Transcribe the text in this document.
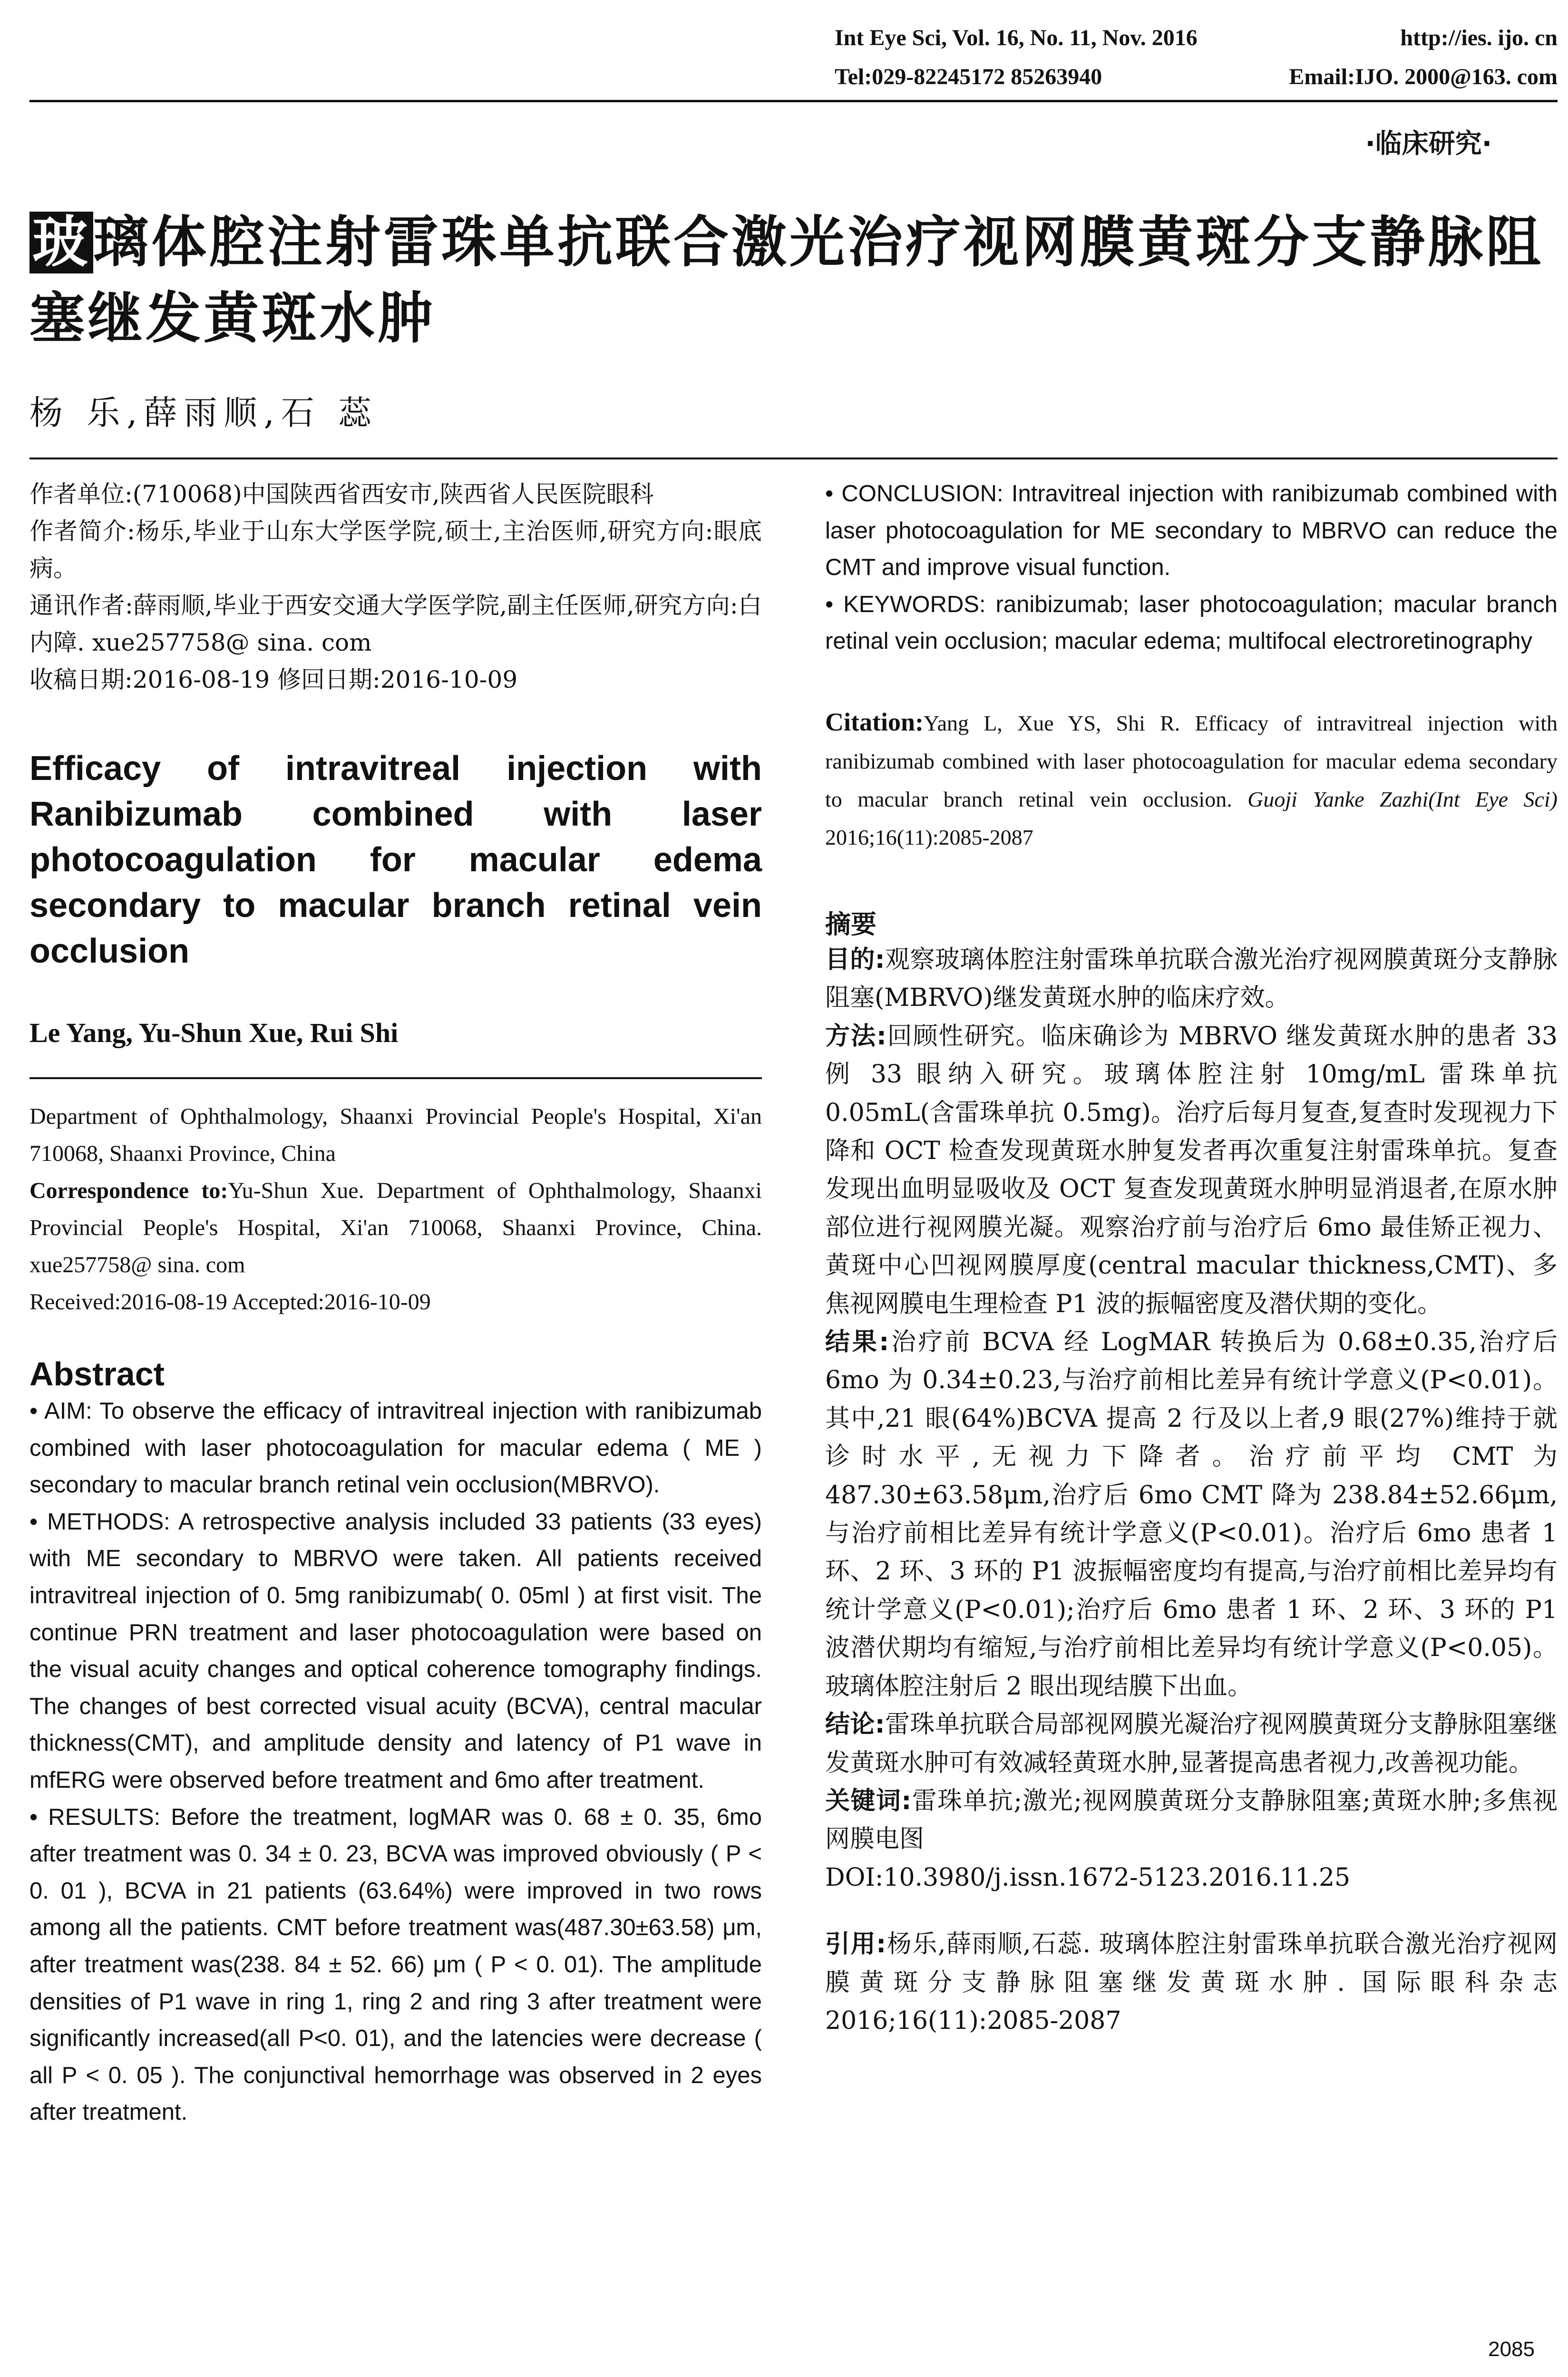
Int Eye Sci, Vol. 16, No. 11, Nov. 2016	http://ies. ijo. cn
Tel:029-82245172 85263940	Email:IJO. 2000@163. com
·临床研究·
玻璃体腔注射雷珠单抗联合激光治疗视网膜黄斑分支静脉阻塞继发黄斑水肿
杨 乐,薛雨顺,石 蕊

作者单位:(710068)中国陕西省西安市,陕西省人民医院眼科

作者简介:杨乐,毕业于山东大学医学院,硕士,主治医师,研究方向:眼底病。

通讯作者:薛雨顺,毕业于西安交通大学医学院,副主任医师,研究方向:白内障. xue257758@ sina. com

收稿日期:2016-08-19 修回日期:2016-10-09

Efficacy of intravitreal injection with Ranibizumab combined with laser photocoagulation for macular edema secondary to macular branch retinal vein occlusion

Le Yang, Yu-Shun Xue, Rui Shi

Department of Ophthalmology, Shaanxi Provincial People's Hospital, Xi'an 710068, Shaanxi Province, China

Correspondence to:Yu-Shun Xue. Department of Ophthalmology, Shaanxi Provincial People's Hospital, Xi'an 710068, Shaanxi Province, China. xue257758@ sina. com

Received:2016-08-19 Accepted:2016-10-09

Abstract

• AIM: To observe the efficacy of intravitreal injection with ranibizumab combined with laser photocoagulation for macular edema ( ME ) secondary to macular branch retinal vein occlusion(MBRVO).

• METHODS: A retrospective analysis included 33 patients (33 eyes) with ME secondary to MBRVO were taken. All patients received intravitreal injection of 0. 5mg ranibizumab( 0. 05ml ) at first visit. The continue PRN treatment and laser photocoagulation were based on the visual acuity changes and optical coherence tomography findings. The changes of best corrected visual acuity (BCVA), central macular thickness(CMT), and amplitude density and latency of P1 wave in mfERG were observed before treatment and 6mo after treatment.

• RESULTS: Before the treatment, logMAR was 0. 68 ± 0. 35, 6mo after treatment was 0. 34 ± 0. 23, BCVA was improved obviously ( P < 0. 01 ), BCVA in 21 patients (63.64%) were improved in two rows among all the patients. CMT before treatment was(487.30±63.58) μm, after treatment was(238. 84 ± 52. 66) μm ( P < 0. 01). The amplitude densities of P1 wave in ring 1, ring 2 and ring 3 after treatment were significantly increased(all P<0. 01), and the latencies were decrease ( all P < 0. 05 ). The conjunctival hemorrhage was observed in 2 eyes after treatment.

• CONCLUSION: Intravitreal injection with ranibizumab combined with laser photocoagulation for ME secondary to MBRVO can reduce the CMT and improve visual function.

• KEYWORDS: ranibizumab; laser photocoagulation; macular branch retinal vein occlusion; macular edema; multifocal electroretinography

Citation:Yang L, Xue YS, Shi R. Efficacy of intravitreal injection with ranibizumab combined with laser photocoagulation for macular edema secondary to macular branch retinal vein occlusion. Guoji Yanke Zazhi(Int Eye Sci) 2016;16(11):2085-2087

摘要

目的:观察玻璃体腔注射雷珠单抗联合激光治疗视网膜黄斑分支静脉阻塞(MBRVO)继发黄斑水肿的临床疗效。

方法:回顾性研究。临床确诊为 MBRVO 继发黄斑水肿的患者 33 例 33 眼纳入研究。玻璃体腔注射 10mg/mL 雷珠单抗 0.05mL(含雷珠单抗 0.5mg)。治疗后每月复查,复查时发现视力下降和 OCT 检查发现黄斑水肿复发者再次重复注射雷珠单抗。复查发现出血明显吸收及 OCT 复查发现黄斑水肿明显消退者,在原水肿部位进行视网膜光凝。观察治疗前与治疗后 6mo 最佳矫正视力、黄斑中心凹视网膜厚度(central macular thickness,CMT)、多焦视网膜电生理检查 P1 波的振幅密度及潜伏期的变化。

结果:治疗前 BCVA 经 LogMAR 转换后为 0.68±0.35,治疗后 6mo 为 0.34±0.23,与治疗前相比差异有统计学意义(P<0.01)。其中,21 眼(64%)BCVA 提高 2 行及以上者,9 眼(27%)维持于就诊时水平,无视力下降者。治疗前平均 CMT 为 487.30±63.58μm,治疗后 6mo CMT 降为 238.84±52.66μm,与治疗前相比差异有统计学意义(P<0.01)。治疗后 6mo 患者 1 环、2 环、3 环的 P1 波振幅密度均有提高,与治疗前相比差异均有统计学意义(P<0.01);治疗后 6mo 患者 1 环、2 环、3 环的 P1 波潜伏期均有缩短,与治疗前相比差异均有统计学意义(P<0.05)。玻璃体腔注射后 2 眼出现结膜下出血。

结论:雷珠单抗联合局部视网膜光凝治疗视网膜黄斑分支静脉阻塞继发黄斑水肿可有效减轻黄斑水肿,显著提高患者视力,改善视功能。

关键词:雷珠单抗;激光;视网膜黄斑分支静脉阻塞;黄斑水肿;多焦视网膜电图

DOI:10.3980/j.issn.1672-5123.2016.11.25

引用:杨乐,薛雨顺,石蕊. 玻璃体腔注射雷珠单抗联合激光治疗视网膜黄斑分支静脉阻塞继发黄斑水肿. 国际眼科杂志 2016;16(11):2085-2087

2085
